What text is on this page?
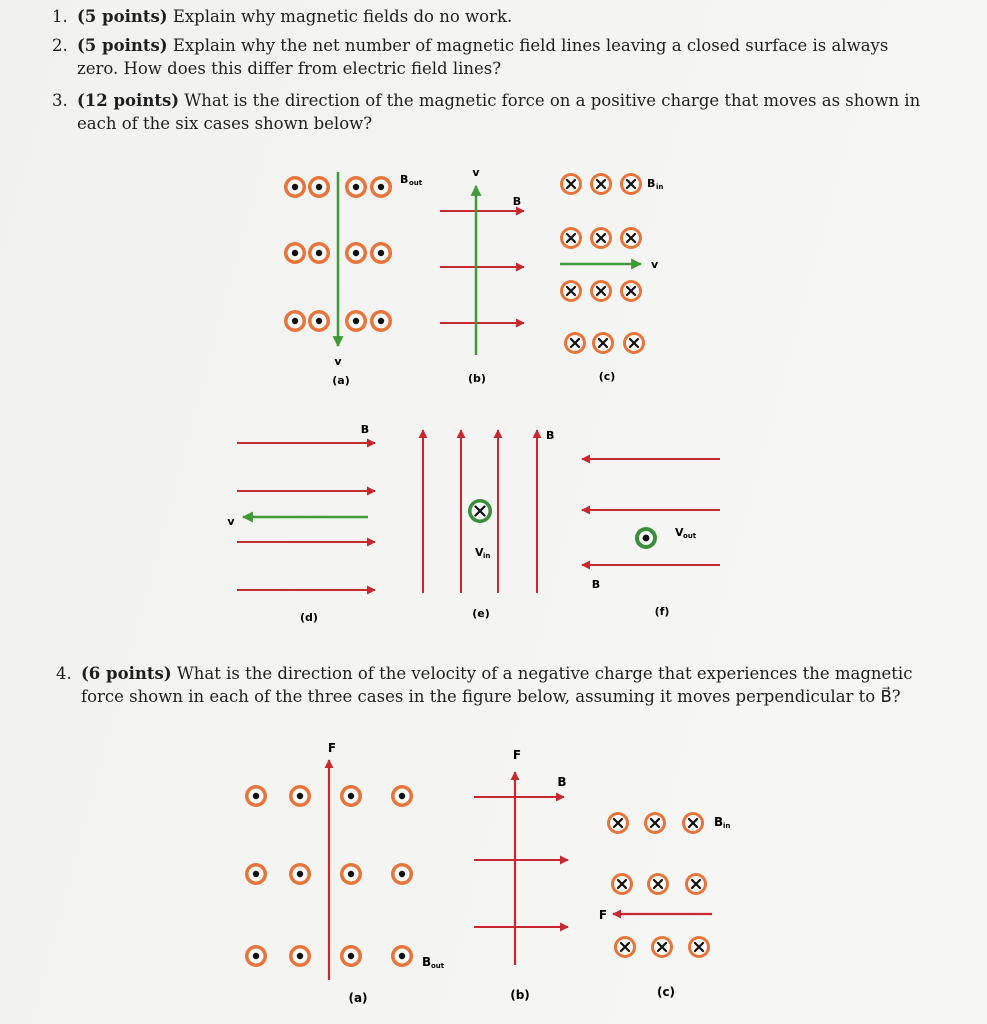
1. (5 points) Explain why magnetic fields do no work.
2. (5 points) Explain why the net number of magnetic field lines leaving a closed surface is always zero. How does this differ from electric field lines?
3. (12 points) What is the direction of the magnetic force on a positive charge that moves as shown in each of the six cases shown below?
4. (6 points) What is the direction of the velocity of a negative charge that experiences the magnetic force shown in each of the three cases in the figure below, assuming it moves perpendicular to B⃗?
B out
v
(a)
v
B
(b)
B in
v
(c)
B
v
(d)
B
V in
(e)
V out
B
(f)
F
B out
(a)
F
B
(b)
F
B in
(c)
